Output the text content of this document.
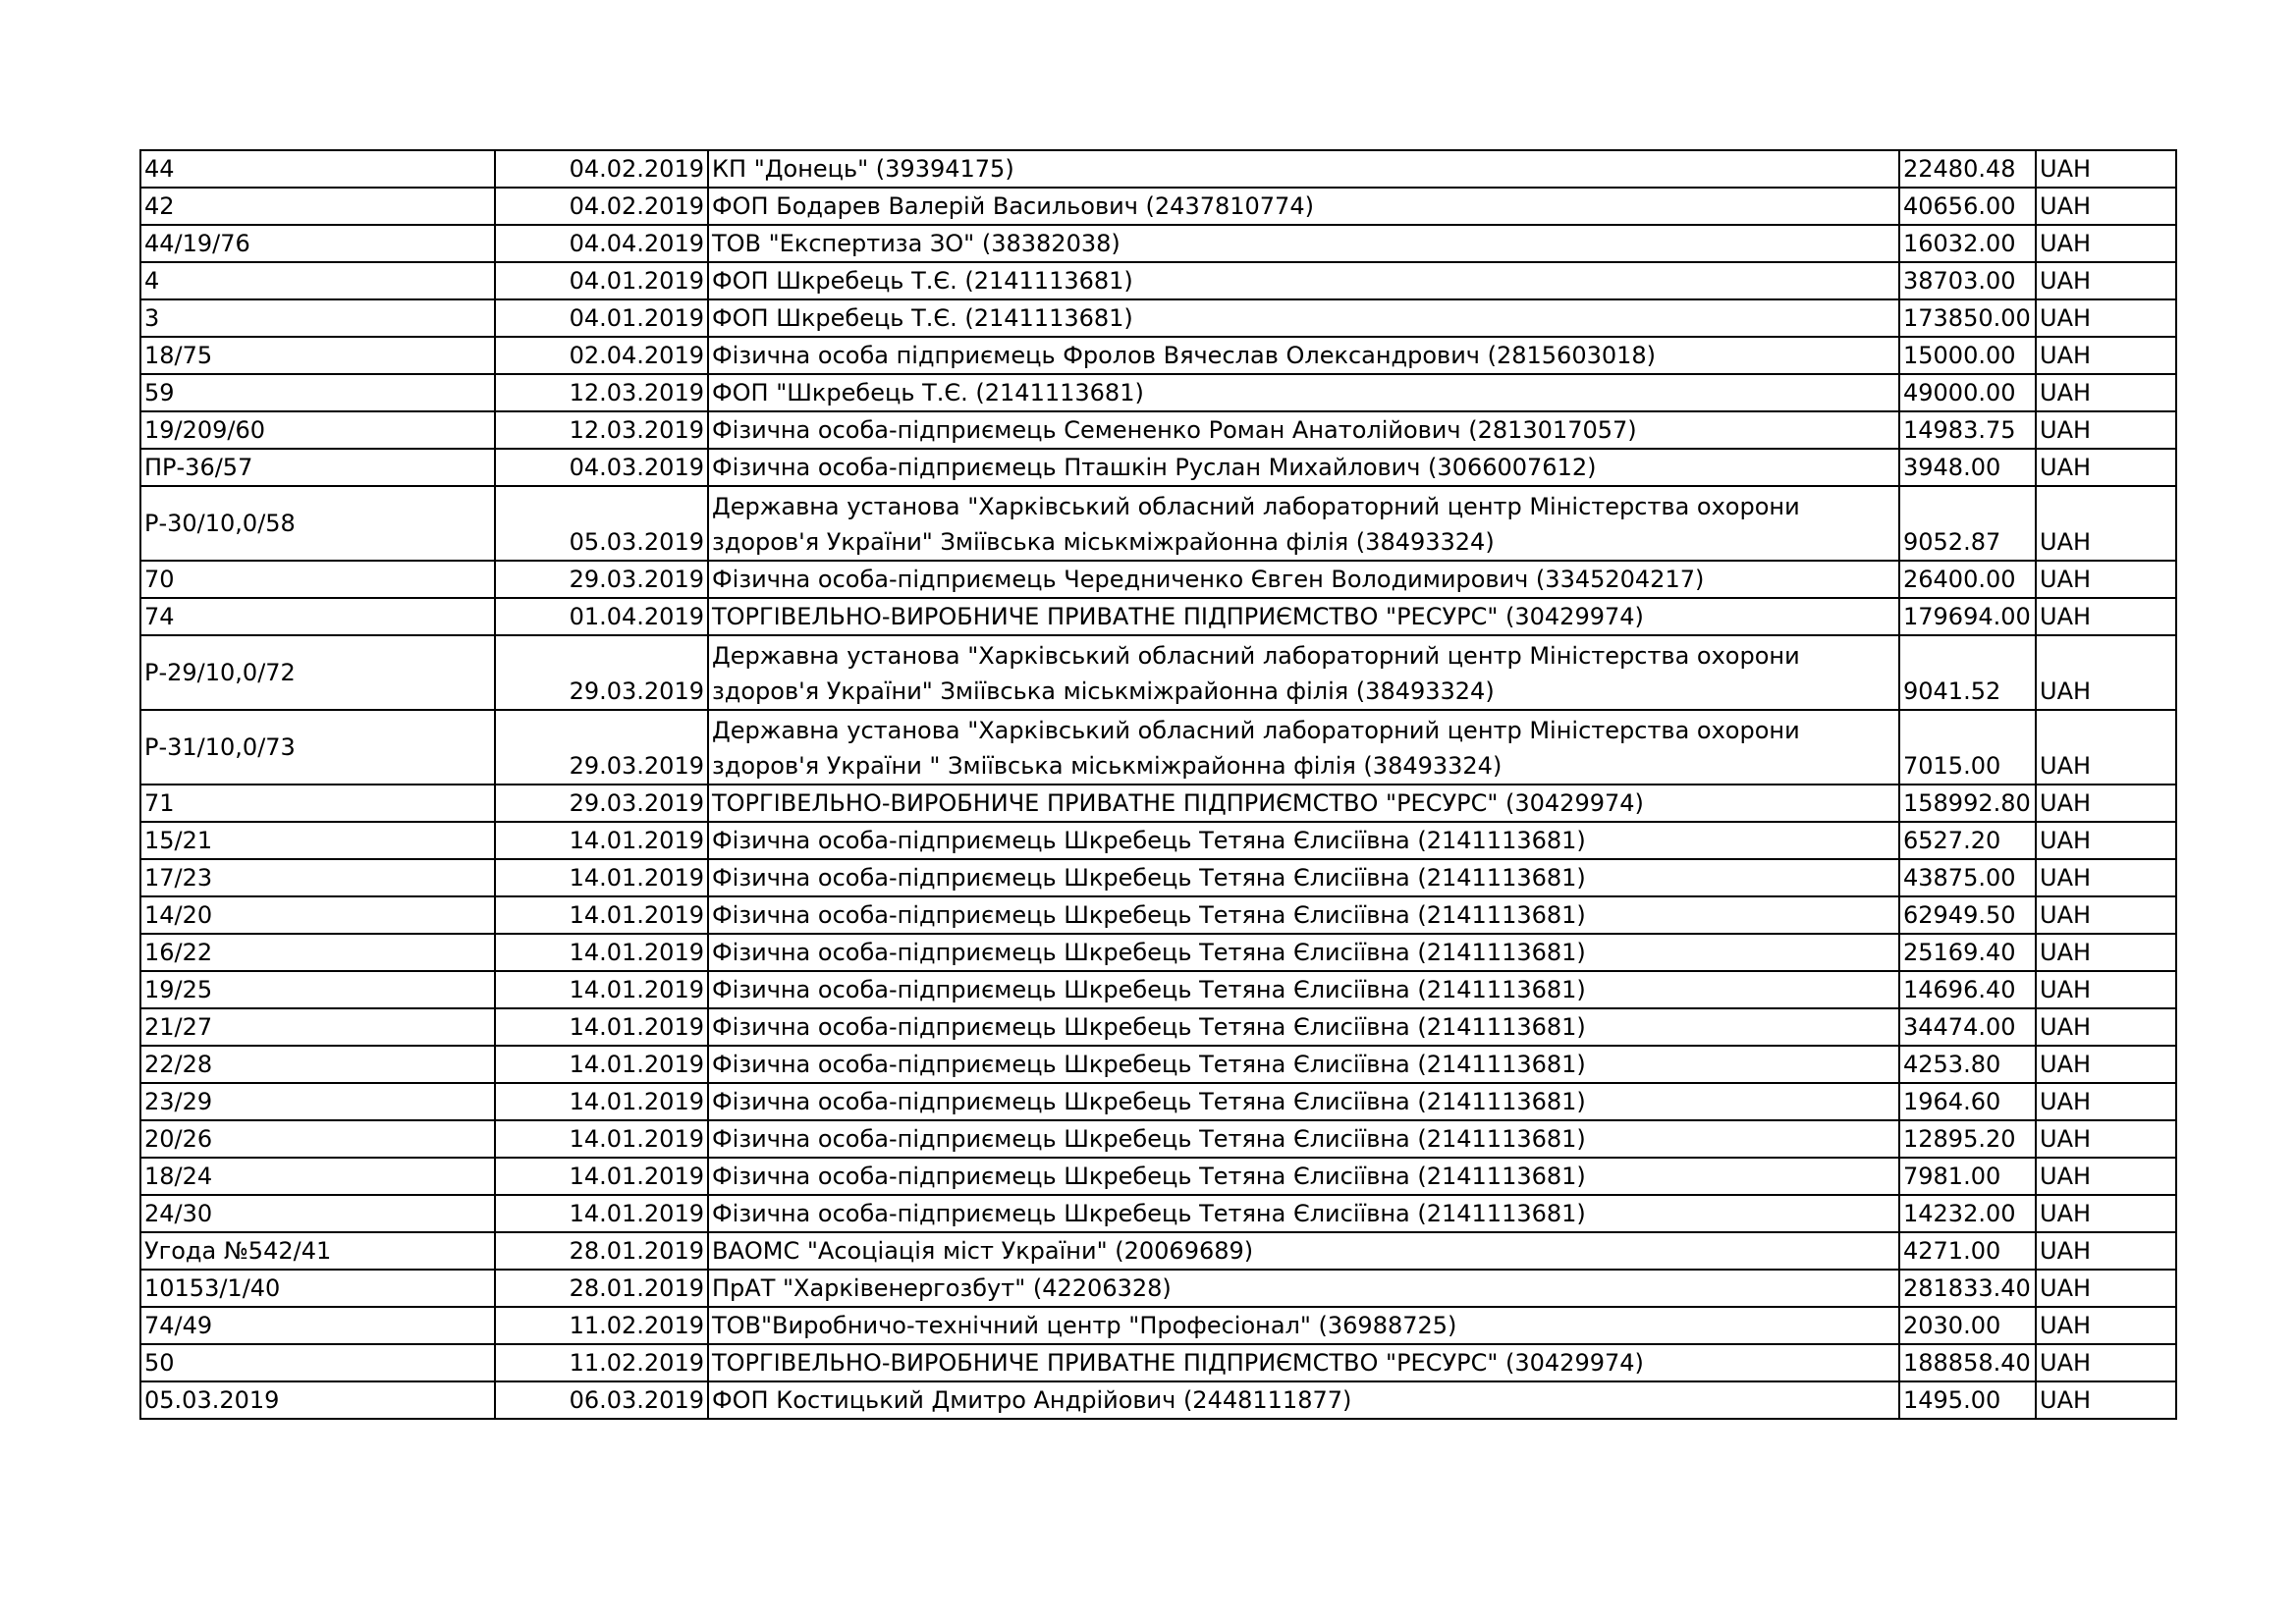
44	04.02.2019	КП "Донець" (39394175)	22480.48	UAH
42	04.02.2019	ФОП Бодарев Валерій Васильович (2437810774)	40656.00	UAH
44/19/76	04.04.2019	ТОВ "Експертиза ЗО" (38382038)	16032.00	UAH
4	04.01.2019	ФОП Шкребець Т.Є. (2141113681)	38703.00	UAH
3	04.01.2019	ФОП Шкребець Т.Є. (2141113681)	173850.00	UAH
18/75	02.04.2019	Фізична особа підприємець Фролов Вячеслав Олександрович (2815603018)	15000.00	UAH
59	12.03.2019	ФОП "Шкребець Т.Є. (2141113681)	49000.00	UAH
19/209/60	12.03.2019	Фізична особа-підприємець Семененко Роман Анатолійович (2813017057)	14983.75	UAH
ПР-36/57	04.03.2019	Фізична особа-підприємець Пташкін Руслан Михайлович (3066007612)	3948.00	UAH
Р-30/10,0/58	05.03.2019	Державна установа "Харківський обласний лабораторний центр Міністерства охорони
здоров'я України" Зміївська міськміжрайонна філія (38493324)	9052.87	UAH
70	29.03.2019	Фізична особа-підприємець Чередниченко Євген Володимирович (3345204217)	26400.00	UAH
74	01.04.2019	ТОРГІВЕЛЬНО-ВИРОБНИЧЕ ПРИВАТНЕ ПІДПРИЄМСТВО "РЕСУРС" (30429974)	179694.00	UAH
Р-29/10,0/72	29.03.2019	Державна установа "Харківський обласний лабораторний центр Міністерства охорони
здоров'я України" Зміївська міськміжрайонна філія (38493324)	9041.52	UAH
Р-31/10,0/73	29.03.2019	Державна установа "Харківський обласний лабораторний центр Міністерства охорони
здоров'я України " Зміївська міськміжрайонна філія (38493324)	7015.00	UAH
71	29.03.2019	ТОРГІВЕЛЬНО-ВИРОБНИЧЕ ПРИВАТНЕ ПІДПРИЄМСТВО "РЕСУРС" (30429974)	158992.80	UAH
15/21	14.01.2019	Фізична особа-підприємець Шкребець Тетяна Єлисіївна (2141113681)	6527.20	UAH
17/23	14.01.2019	Фізична особа-підприємець Шкребець Тетяна Єлисіївна (2141113681)	43875.00	UAH
14/20	14.01.2019	Фізична особа-підприємець Шкребець Тетяна Єлисіївна (2141113681)	62949.50	UAH
16/22	14.01.2019	Фізична особа-підприємець Шкребець Тетяна Єлисіївна (2141113681)	25169.40	UAH
19/25	14.01.2019	Фізична особа-підприємець Шкребець Тетяна Єлисіївна (2141113681)	14696.40	UAH
21/27	14.01.2019	Фізична особа-підприємець Шкребець Тетяна Єлисіївна (2141113681)	34474.00	UAH
22/28	14.01.2019	Фізична особа-підприємець Шкребець Тетяна Єлисіївна (2141113681)	4253.80	UAH
23/29	14.01.2019	Фізична особа-підприємець Шкребець Тетяна Єлисіївна (2141113681)	1964.60	UAH
20/26	14.01.2019	Фізична особа-підприємець Шкребець Тетяна Єлисіївна (2141113681)	12895.20	UAH
18/24	14.01.2019	Фізична особа-підприємець Шкребець Тетяна Єлисіївна (2141113681)	7981.00	UAH
24/30	14.01.2019	Фізична особа-підприємець Шкребець Тетяна Єлисіївна (2141113681)	14232.00	UAH
Угода №542/41	28.01.2019	ВАОМС "Асоціація міст України" (20069689)	4271.00	UAH
10153/1/40	28.01.2019	ПрАТ "Харківенергозбут" (42206328)	281833.40	UAH
74/49	11.02.2019	ТОВ"Виробничо-технічний центр "Професіонал" (36988725)	2030.00	UAH
50	11.02.2019	ТОРГІВЕЛЬНО-ВИРОБНИЧЕ ПРИВАТНЕ ПІДПРИЄМСТВО "РЕСУРС" (30429974)	188858.40	UAH
05.03.2019	06.03.2019	ФОП Костицький Дмитро Андрійович (2448111877)	1495.00	UAH
